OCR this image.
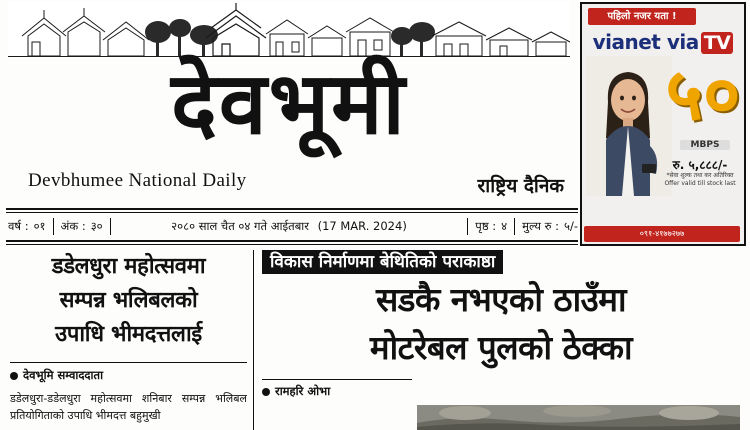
देवभूमी
Devbhumee National Daily	राष्ट्रिय दैनिक
पहिलो नजर यता !
vianet via TV
५०
MBPS
रु. ५,८८८/-
*सेवा शुल्क तथा कर अतिरिक्त Offer valid till stock last
०९१-४१७७२७७
वर्ष : ०१ अंक : ३०	२०८० साल चैत ०४ गते आईतबार (17 MAR. 2024)	पृष्ठ : ४ मुल्य रु : ५/-
डडेलधुरा महोत्सवमा
सम्पन्न भलिबलको
उपाधि भीमदत्तलाई
देवभूमि सम्वाददाता
डडेलधुरा-डडेलधुरा महोत्सवमा शनिबार सम्पन्न भलिबल प्रतियोगिताको उपाधि भीमदत्त बहुमुखी
विकास निर्माणमा बेथितिको पराकाष्ठा
सडकै नभएको ठाउँमा
मोटरेबल पुलको ठेक्का
रामहरि ओभा
